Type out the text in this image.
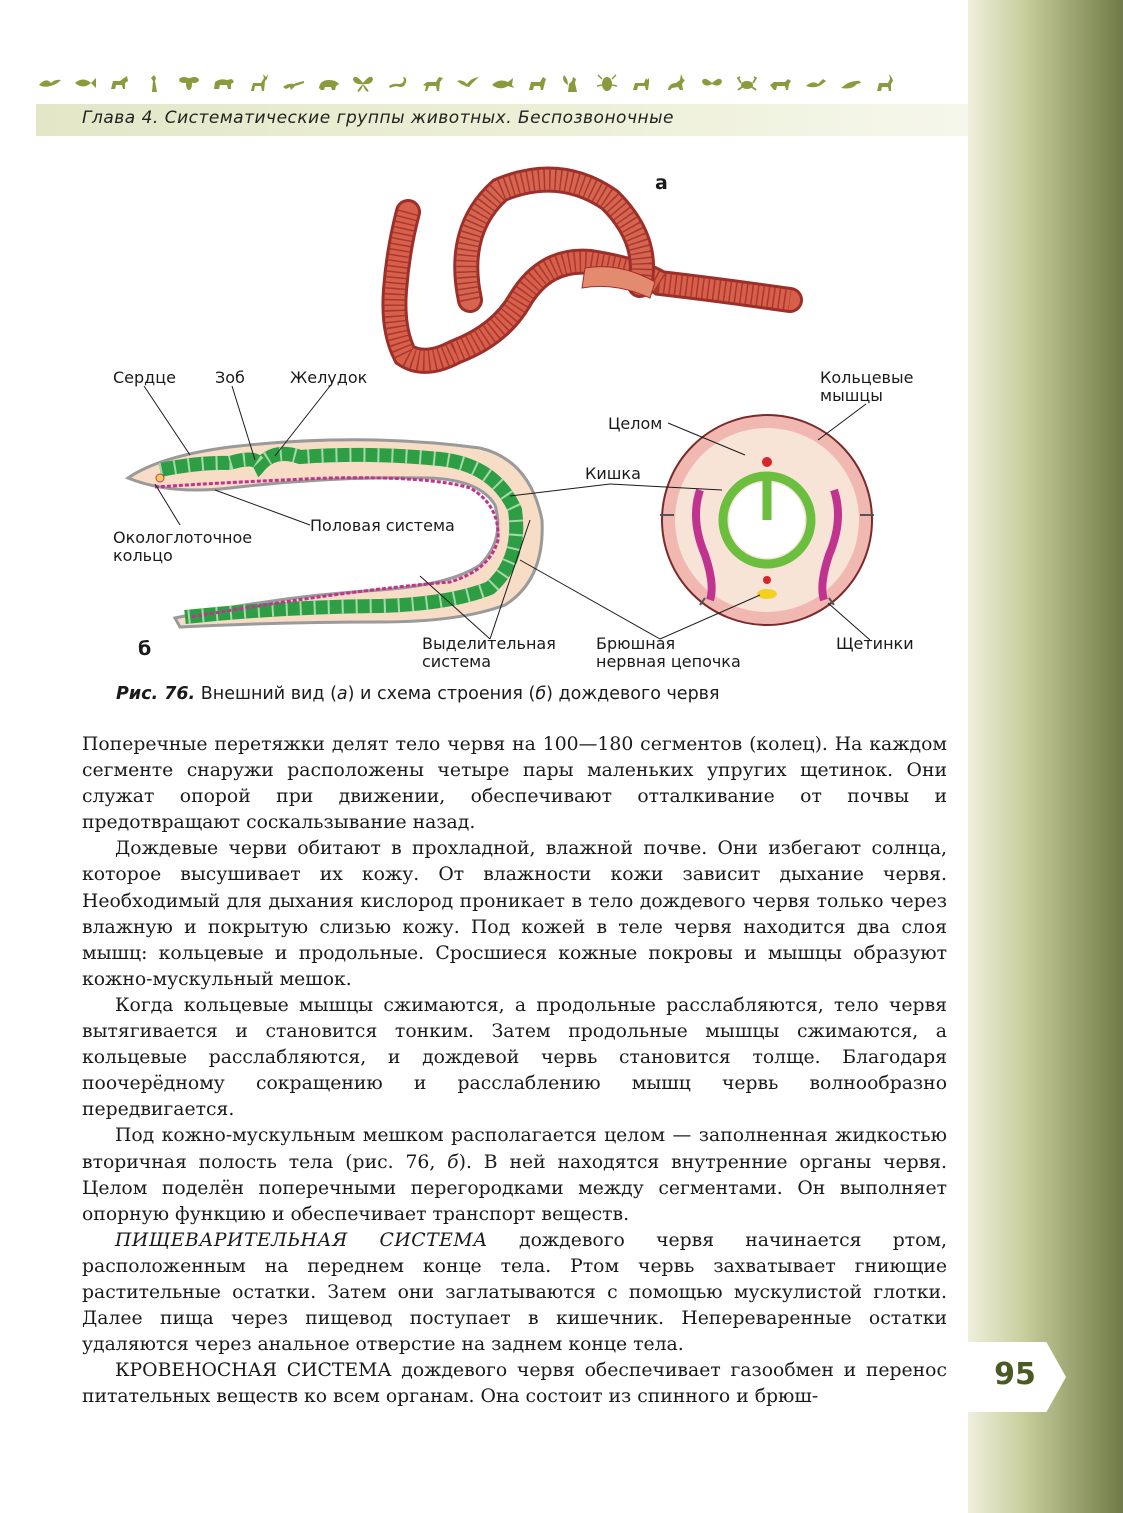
Глава 4. Систематические группы животных. Беспозвоночные
а
Сердце Зоб	Желудок	Кольцевые
мышцы
Целом
Кишка
Окологлоточное
кольцо
Половая система
Выделительная
система
Брюшная
нервная цепочка
Щетинки
б
Рис. 76. Внешний вид (а) и схема строения (б) дождевого червя

Поперечные перетяжки делят тело червя на 100—180 сегментов (колец). На каждом сегменте снаружи расположены четыре пары маленьких упругих щетинок. Они служат опорой при движении, обеспечивают отталкивание от почвы и предотвращают соскальзывание назад.

Дождевые черви обитают в прохладной, влажной почве. Они избегают солнца, которое высушивает их кожу. От влажности кожи зависит дыхание червя. Необходимый для дыхания кислород проникает в тело дождевого червя только через влажную и покрытую слизью кожу. Под кожей в теле червя находится два слоя мышц: кольцевые и продольные. Сросшиеся кожные покровы и мышцы образуют кожно-мускульный мешок.

Когда кольцевые мышцы сжимаются, а продольные расслабляются, тело червя вытягивается и становится тонким. Затем продольные мышцы сжимаются, а кольцевые расслабляются, и дождевой червь становится толще. Благодаря поочерёдному сокращению и расслаблению мышц червь волнообразно передвигается.

Под кожно-мускульным мешком располагается целом — заполненная жидкостью вторичная полость тела (рис. 76, б). В ней находятся внутренние органы червя. Целом поделён поперечными перегородками между сегментами. Он выполняет опорную функцию и обеспечивает транспорт веществ.

ПИЩЕВАРИТЕЛЬНАЯ СИСТЕМА дождевого червя начинается ртом, расположенным на переднем конце тела. Ртом червь захватывает гниющие растительные остатки. Затем они заглатываются с помощью мускулистой глотки. Далее пища через пищевод поступает в кишечник. Непереваренные остатки удаляются через анальное отверстие на заднем конце тела.

КРОВЕНОСНАЯ СИСТЕМА дождевого червя обеспечивает газообмен и перенос питательных веществ ко всем органам. Она состоит из спинного и брюш-

95
